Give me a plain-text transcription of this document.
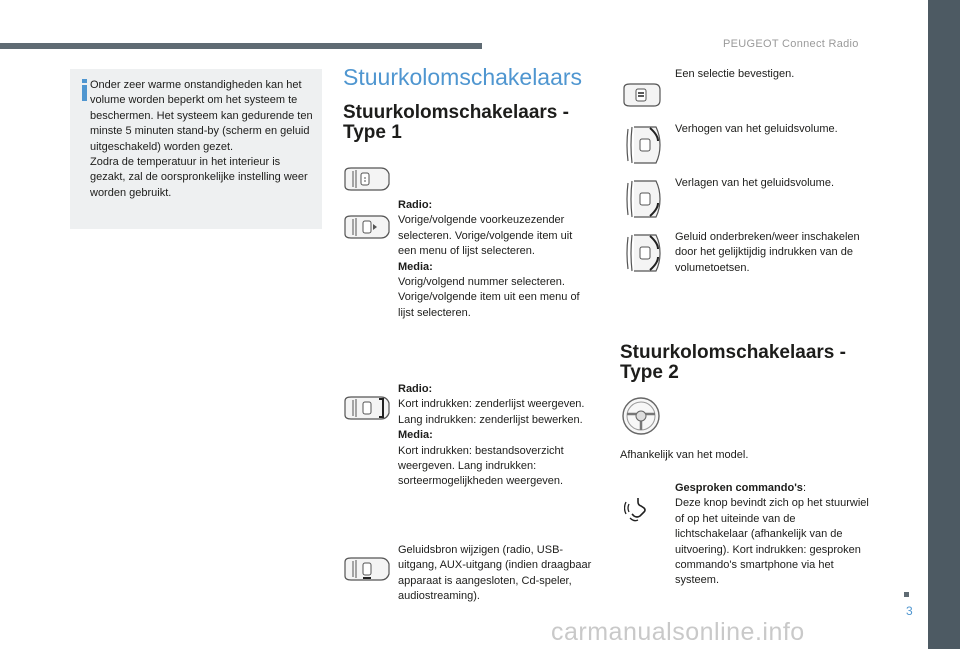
PEUGEOT Connect Radio

Onder zeer warme onstandigheden kan het volume worden beperkt om het systeem te beschermen. Het systeem kan gedurende ten minste 5 minuten stand-by (scherm en geluid uitgeschakeld) worden gezet.

Zodra de temperatuur in het interieur is gezakt, zal de oorspronkelijke instelling weer worden gebruikt.

Stuurkolomschakelaars
Stuurkolomschakelaars -
Type 1

Radio:

Vorige/volgende voorkeuzezender selecteren. Vorige/volgende item uit een menu of lijst selecteren.

Media:

Vorig/volgend nummer selecteren. Vorige/volgende item uit een menu of lijst selecteren.

Radio:

Kort indrukken: zenderlijst weergeven. Lang indrukken: zenderlijst bewerken.

Media:

Kort indrukken: bestandsoverzicht weergeven. Lang indrukken: sorteermogelijkheden weergeven.

Geluidsbron wijzigen (radio, USB-uitgang, AUX-uitgang (indien draagbaar apparaat is aangesloten, Cd-speler, audiostreaming).

Een selectie bevestigen.
Verhogen van het geluidsvolume.
Verlagen van het geluidsvolume.
Geluid onderbreken/weer inschakelen door het gelijktijdig indrukken van de volumetoetsen.
Stuurkolomschakelaars -
Type 2
Afhankelijk van het model.

Gesproken commando's:

Deze knop bevindt zich op het stuurwiel of op het uiteinde van de lichtschakelaar (afhankelijk van de uitvoering). Kort indrukken: gesproken commando's smartphone via het systeem.

3
carmanualsonline.info
